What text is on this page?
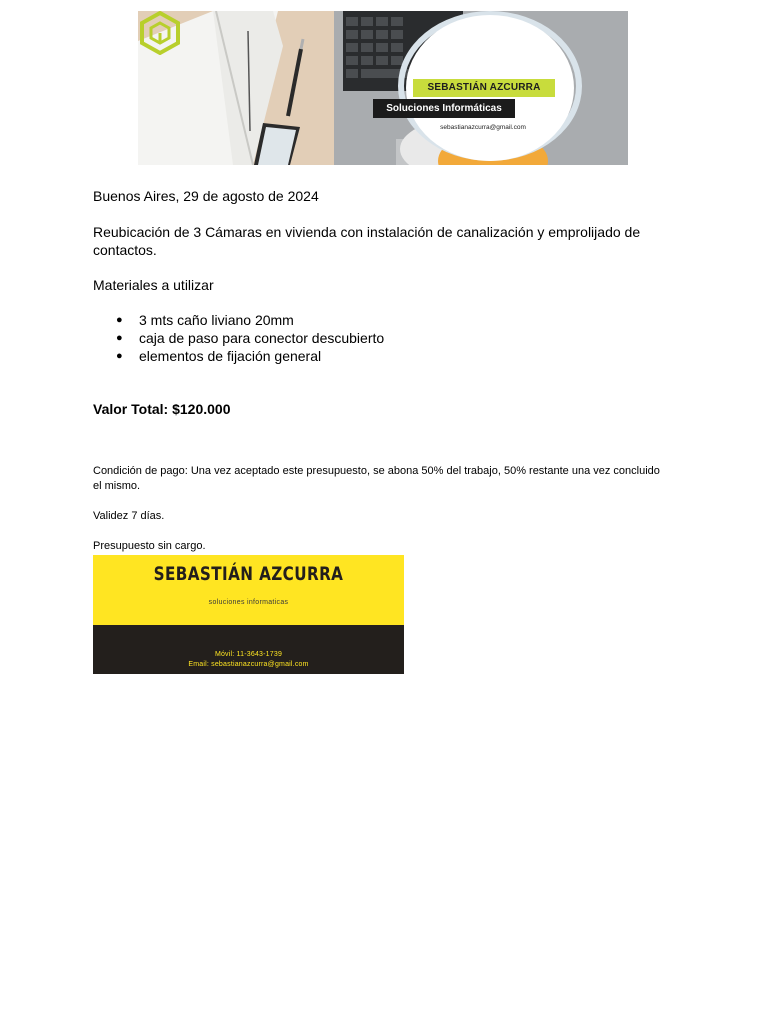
SEBASTIÁN AZCURRA
Soluciones Informáticas
sebastianazcurra@gmail.com
Buenos Aires, 29 de agosto de 2024
Reubicación de 3 Cámaras en vivienda con instalación de canalización y emprolijado de contactos.
Materiales a utilizar
● 3 mts caño liviano 20mm
● caja de paso para conector descubierto
● elementos de fijación general
Valor Total: $120.000
Condición de pago: Una vez aceptado este presupuesto, se abona 50% del trabajo, 50% restante una vez concluido el mismo.
Validez 7 días.
Presupuesto sin cargo.
SEBASTIÁN AZCURRA
soluciones informaticas
Móvil: 11-3643-1739
Email: sebastianazcurra@gmail.com
